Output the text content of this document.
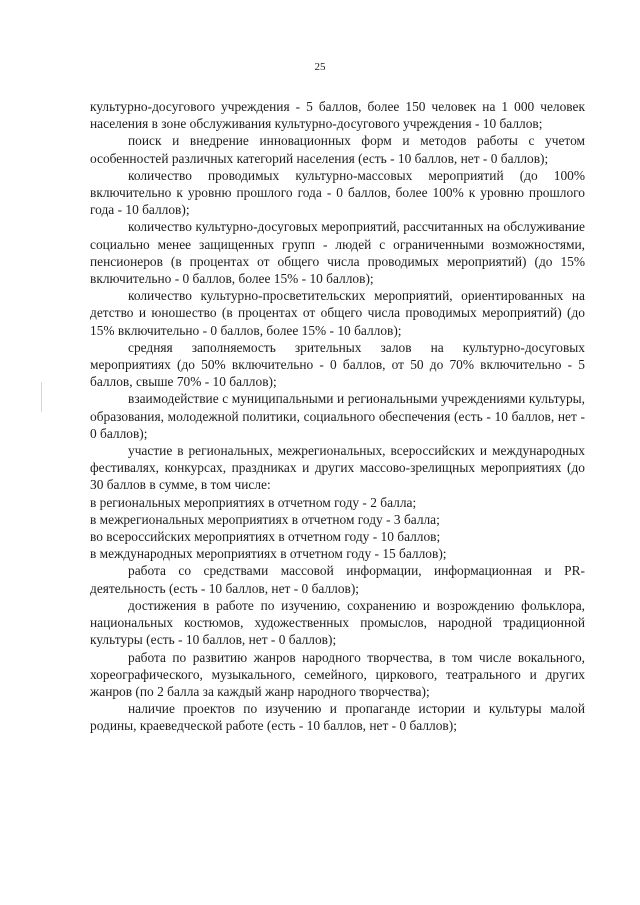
25

культурно-досугового учреждения - 5 баллов, более 150 человек на 1 000 человек населения в зоне обслуживания культурно-досугового учреждения - 10 баллов;

поиск и внедрение инновационных форм и методов работы с учетом особенностей различных категорий населения (есть - 10 баллов, нет - 0 баллов);

количество проводимых культурно-массовых мероприятий (до 100% включительно к уровню прошлого года - 0 баллов, более 100% к уровню прошлого года - 10 баллов);

количество культурно-досуговых мероприятий, рассчитанных на обслуживание социально менее защищенных групп - людей с ограниченными возможностями, пенсионеров (в процентах от общего числа проводимых мероприятий) (до 15% включительно - 0 баллов, более 15% - 10 баллов);

количество культурно-просветительских мероприятий, ориентированных на детство и юношество (в процентах от общего числа проводимых мероприятий) (до 15% включительно - 0 баллов, более 15% - 10 баллов);

средняя заполняемость зрительных залов на культурно-досуговых мероприятиях (до 50% включительно - 0 баллов, от 50 до 70% включительно - 5 баллов, свыше 70% - 10 баллов);

взаимодействие с муниципальными и региональными учреждениями культуры, образования, молодежной политики, социального обеспечения (есть - 10 баллов, нет - 0 баллов);

участие в региональных, межрегиональных, всероссийских и международных фестивалях, конкурсах, праздниках и других массово-зрелищных мероприятиях (до 30 баллов в сумме, в том числе:

в региональных мероприятиях в отчетном году - 2 балла;

в межрегиональных мероприятиях в отчетном году - 3 балла;

во всероссийских мероприятиях в отчетном году - 10 баллов;

в международных мероприятиях в отчетном году - 15 баллов);

работа со средствами массовой информации, информационная и PR-деятельность (есть - 10 баллов, нет - 0 баллов);

достижения в работе по изучению, сохранению и возрождению фольклора, национальных костюмов, художественных промыслов, народной традиционной культуры (есть - 10 баллов, нет - 0 баллов);

работа по развитию жанров народного творчества, в том числе вокального, хореографического, музыкального, семейного, циркового, театрального и других жанров (по 2 балла за каждый жанр народного творчества);

наличие проектов по изучению и пропаганде истории и культуры малой родины, краеведческой работе (есть - 10 баллов, нет - 0 баллов);
